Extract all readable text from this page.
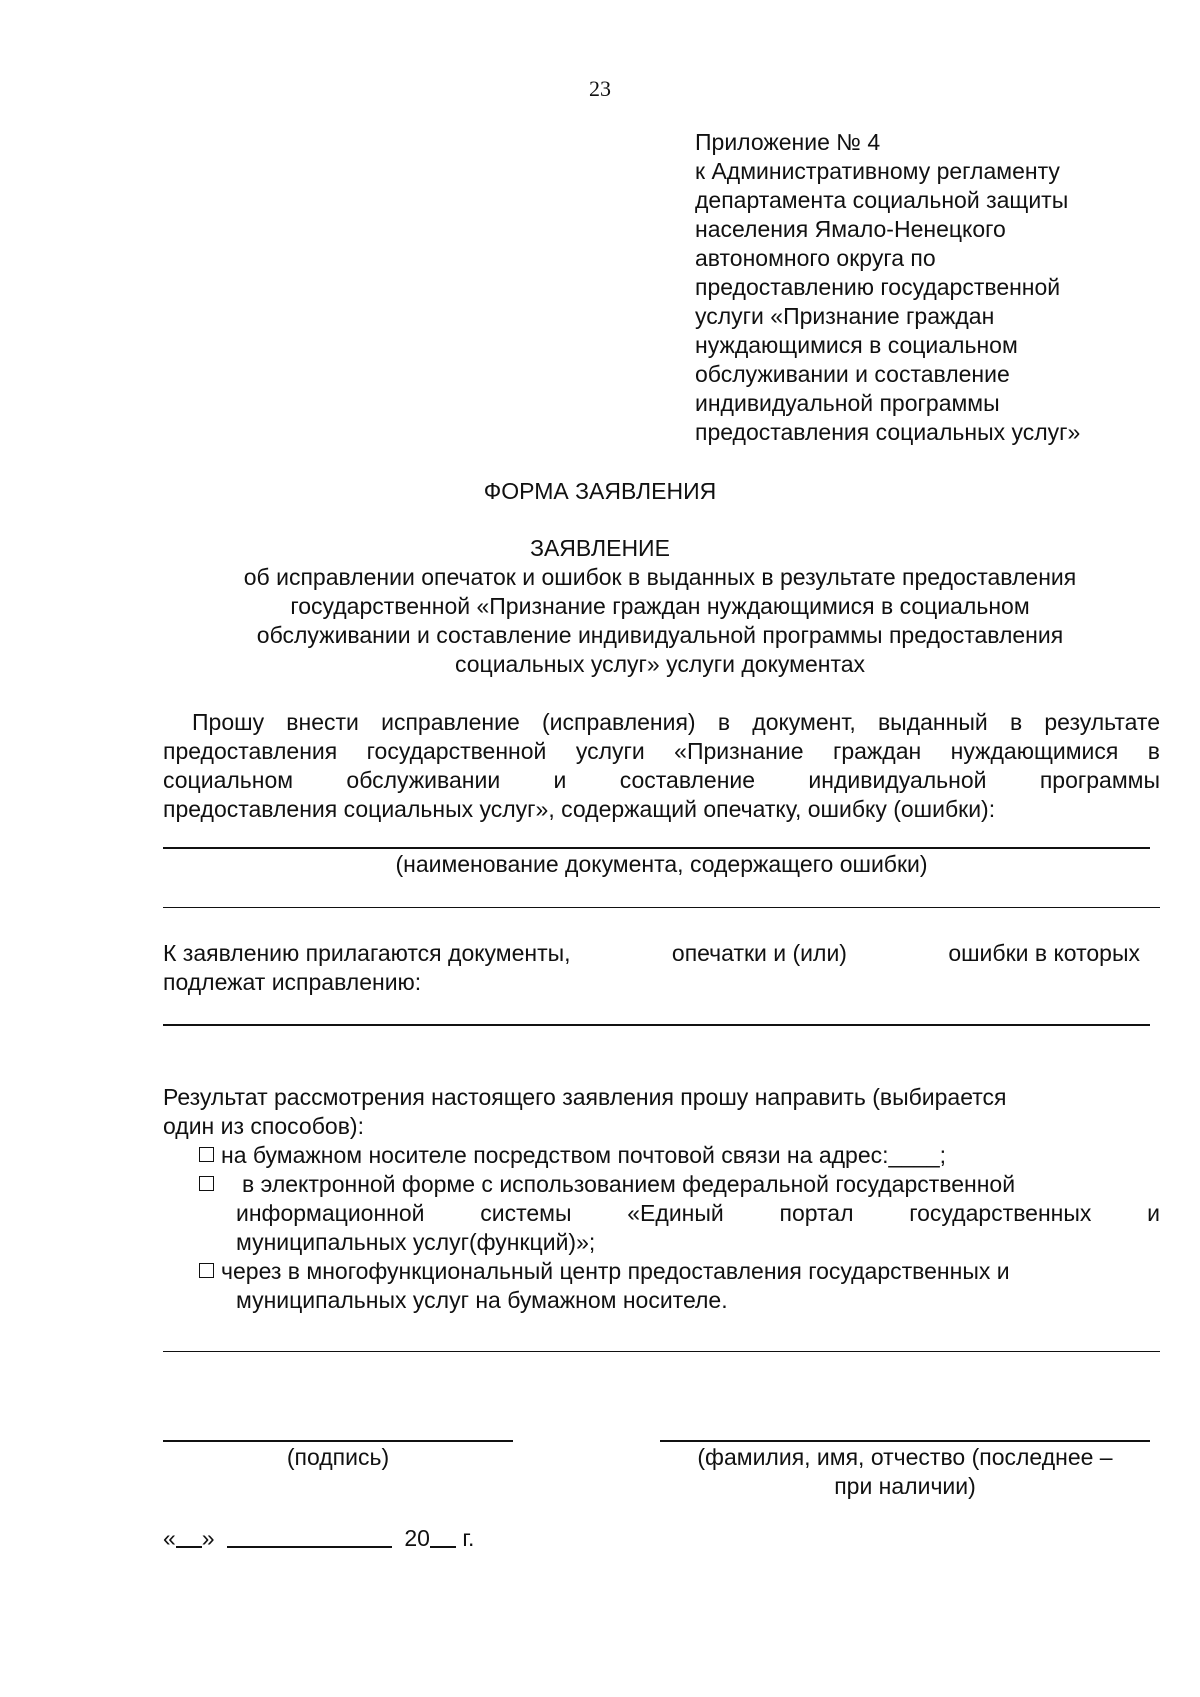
23
Приложение № 4
к Административному регламенту
департамента социальной защиты
населения Ямало-Ненецкого
автономного округа по
предоставлению государственной
услуги «Признание граждан
нуждающимися в социальном
обслуживании и составление
индивидуальной программы
предоставления социальных услуг»
ФОРМА ЗАЯВЛЕНИЯ
ЗАЯВЛЕНИЕ
об исправлении опечаток и ошибок в выданных в результате предоставления
государственной «Признание граждан нуждающимися в социальном
обслуживании и составление индивидуальной программы предоставления
социальных услуг» услуги документах
Прошу внести исправление (исправления) в документ, выданный в результате
предоставления государственной услуги «Признание граждан нуждающимися в
социальном обслуживании и составление индивидуальной программы
предоставления социальных услуг», содержащий опечатку, ошибку (ошибки):
(наименование документа, содержащего ошибки)
К заявлению прилагаются документы,	опечатки и (или)	ошибки в которых
подлежат исправлению:
Результат рассмотрения настоящего заявления прошу направить (выбирается
один из способов):
на бумажном носителе посредством почтовой связи на адрес:____;
в электронной форме с использованием федеральной государственной
информационной системы «Единый портал государственных и
муниципальных услуг(функций)»;
через в многофункциональный центр предоставления государственных и
муниципальных услуг на бумажном носителе.
(подпись)	(фамилия, имя, отчество (последнее –
при наличии)
« »	20 г.
